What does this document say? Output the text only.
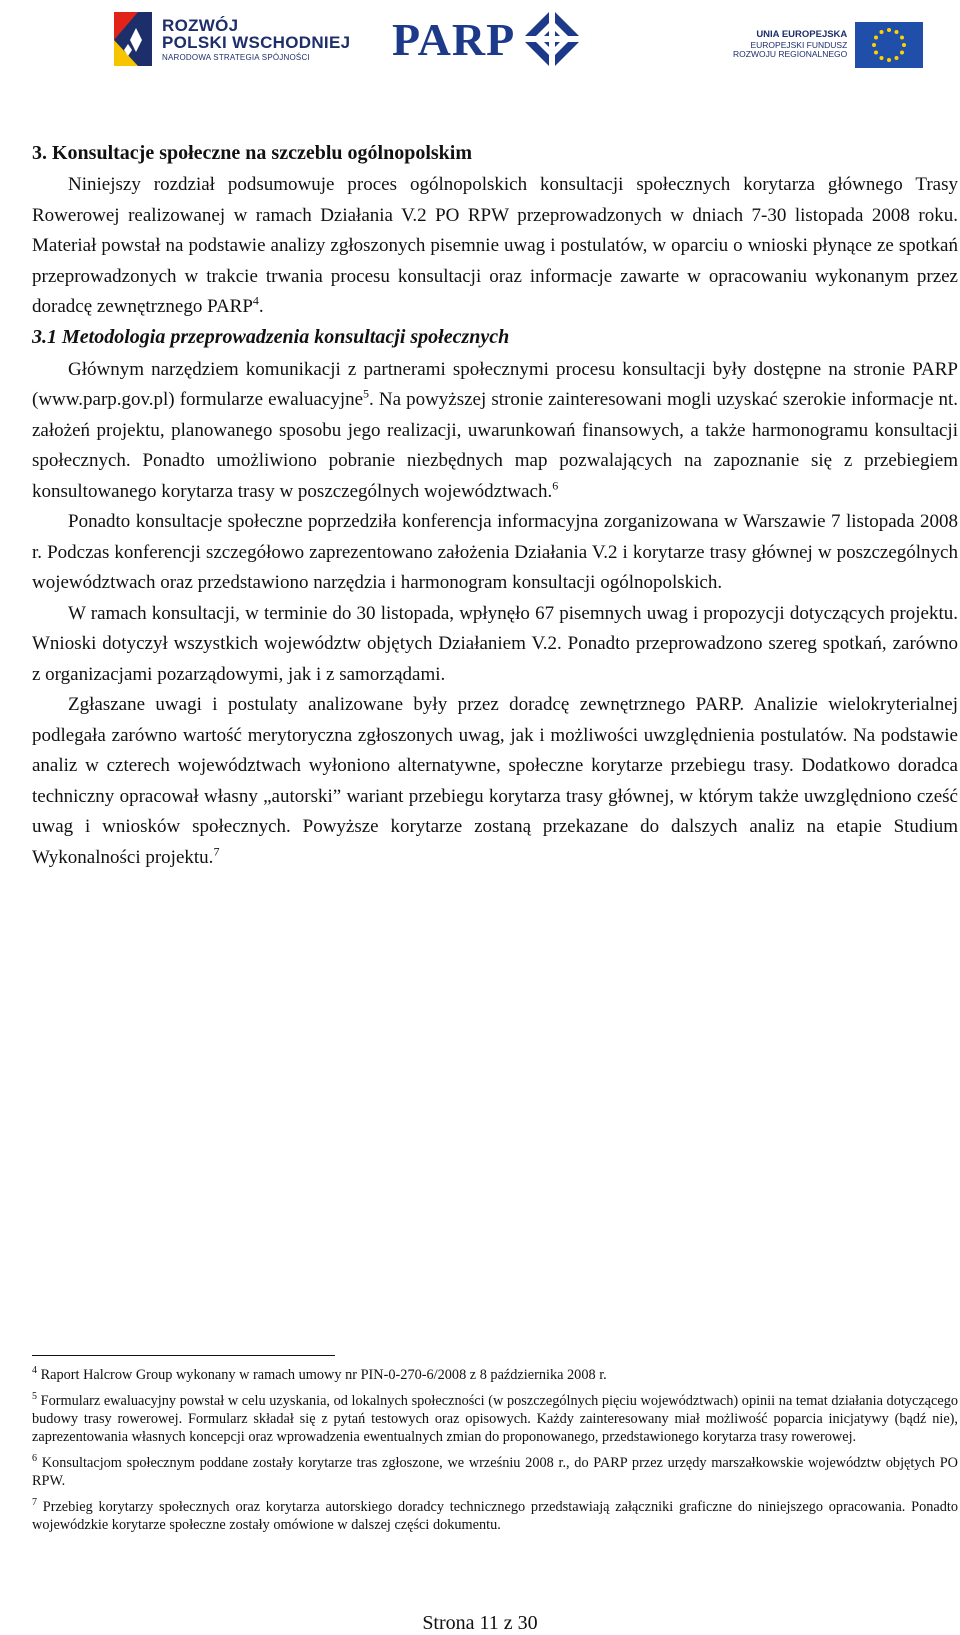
ROZWÓJ
POLSKI WSCHODNIEJ
NARODOWA STRATEGIA SPÓJNOŚCI	PARP	UNIA EUROPEJSKA
EUROPEJSKI FUNDUSZ
ROZWOJU REGIONALNEGO
3. Konsultacje społeczne na szczeblu ogólnopolskim

Niniejszy rozdział podsumowuje proces ogólnopolskich konsultacji społecznych korytarza głównego Trasy Rowerowej realizowanej w ramach Działania V.2 PO RPW przeprowadzonych w dniach 7-30 listopada 2008 roku. Materiał powstał na podstawie analizy zgłoszonych pisemnie uwag i postulatów, w oparciu o wnioski płynące ze spotkań przeprowadzonych w trakcie trwania procesu konsultacji oraz informacje zawarte w opracowaniu wykonanym przez doradcę zewnętrznego PARP$^4$.

3.1 Metodologia przeprowadzenia konsultacji społecznych

Głównym narzędziem komunikacji z partnerami społecznymi procesu konsultacji były dostępne na stronie PARP (www.parp.gov.pl) formularze ewaluacyjne$^5$. Na powyższej stronie zainteresowani mogli uzyskać szerokie informacje nt. założeń projektu, planowanego sposobu jego realizacji, uwarunkowań finansowych, a także harmonogramu konsultacji społecznych. Ponadto umożliwiono pobranie niezbędnych map pozwalających na zapoznanie się z przebiegiem konsultowanego korytarza trasy w poszczególnych województwach.$^6$

Ponadto konsultacje społeczne poprzedziła konferencja informacyjna zorganizowana w Warszawie 7 listopada 2008 r. Podczas konferencji szczegółowo zaprezentowano założenia Działania V.2 i korytarze trasy głównej w poszczególnych województwach oraz przedstawiono narzędzia i harmonogram konsultacji ogólnopolskich.

W ramach konsultacji, w terminie do 30 listopada, wpłynęło 67 pisemnych uwag i propozycji dotyczących projektu. Wnioski dotyczył wszystkich województw objętych Działaniem V.2. Ponadto przeprowadzono szereg spotkań, zarówno z organizacjami pozarządowymi, jak i z samorządami.

Zgłaszane uwagi i postulaty analizowane były przez doradcę zewnętrznego PARP. Analizie wielokryterialnej podlegała zarówno wartość merytoryczna zgłoszonych uwag, jak i możliwości uwzględnienia postulatów. Na podstawie analiz w czterech województwach wyłoniono alternatywne, społeczne korytarze przebiegu trasy. Dodatkowo doradca techniczny opracował własny „autorski” wariant przebiegu korytarza trasy głównej, w którym także uwzględniono cześć uwag i wniosków społecznych. Powyższe korytarze zostaną przekazane do dalszych analiz na etapie Studium Wykonalności projektu.$^7$

$^4$ Raport Halcrow Group wykonany w ramach umowy nr PIN-0-270-6/2008 z 8 października 2008 r.

$^5$ Formularz ewaluacyjny powstał w celu uzyskania, od lokalnych społeczności (w poszczególnych pięciu województwach) opinii na temat działania dotyczącego budowy trasy rowerowej. Formularz składał się z pytań testowych oraz opisowych. Każdy zainteresowany miał możliwość poparcia inicjatywy (bądź nie), zaprezentowania własnych koncepcji oraz wprowadzenia ewentualnych zmian do proponowanego, przedstawionego korytarza trasy rowerowej.

$^6$ Konsultacjom społecznym poddane zostały korytarze tras zgłoszone, we wrześniu 2008 r., do PARP przez urzędy marszałkowskie województw objętych PO RPW.

$^7$ Przebieg korytarzy społecznych oraz korytarza autorskiego doradcy technicznego przedstawiają załączniki graficzne do niniejszego opracowania. Ponadto wojewódzkie korytarze społeczne zostały omówione w dalszej części dokumentu.

Strona 11 z 30
